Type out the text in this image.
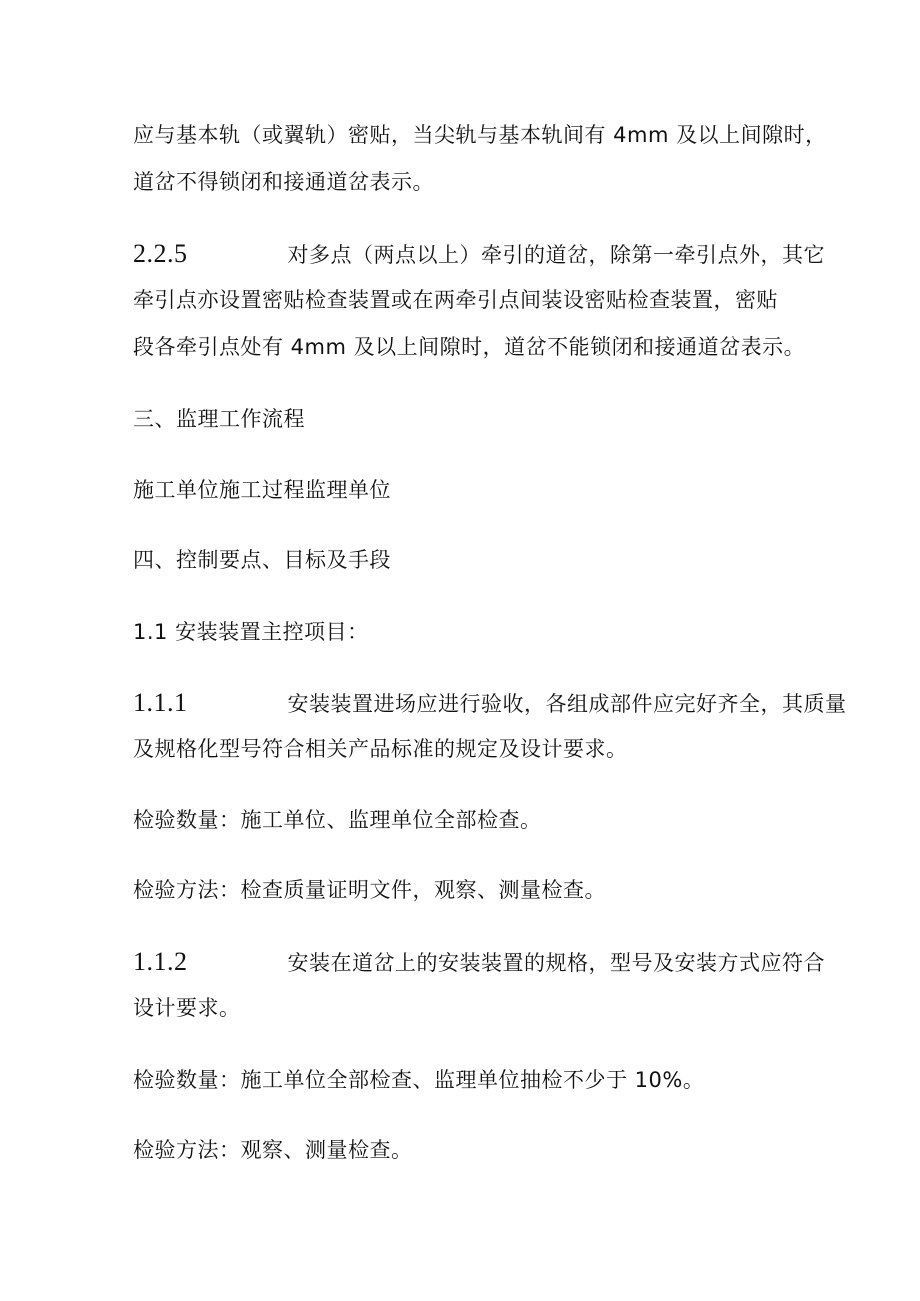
应与基本轨（或翼轨）密贴，当尖轨与基本轨间有 4mm 及以上间隙时，
道岔不得锁闭和接通道岔表示。
2.2.5	对多点（两点以上）牵引的道岔，除第一牵引点外，其它
牵引点亦设置密贴检查装置或在两牵引点间装设密贴检查装置，密贴
段各牵引点处有 4mm 及以上间隙时，道岔不能锁闭和接通道岔表示。
三、监理工作流程
施工单位施工过程监理单位
四、控制要点、目标及手段
1.1 安装装置主控项目：
1.1.1	安装装置进场应进行验收，各组成部件应完好齐全，其质量
及规格化型号符合相关产品标准的规定及设计要求。
检验数量：施工单位、监理单位全部检查。
检验方法：检查质量证明文件，观察、测量检查。
1.1.2	安装在道岔上的安装装置的规格，型号及安装方式应符合
设计要求。
检验数量：施工单位全部检查、监理单位抽检不少于 10%。
检验方法：观察、测量检查。
